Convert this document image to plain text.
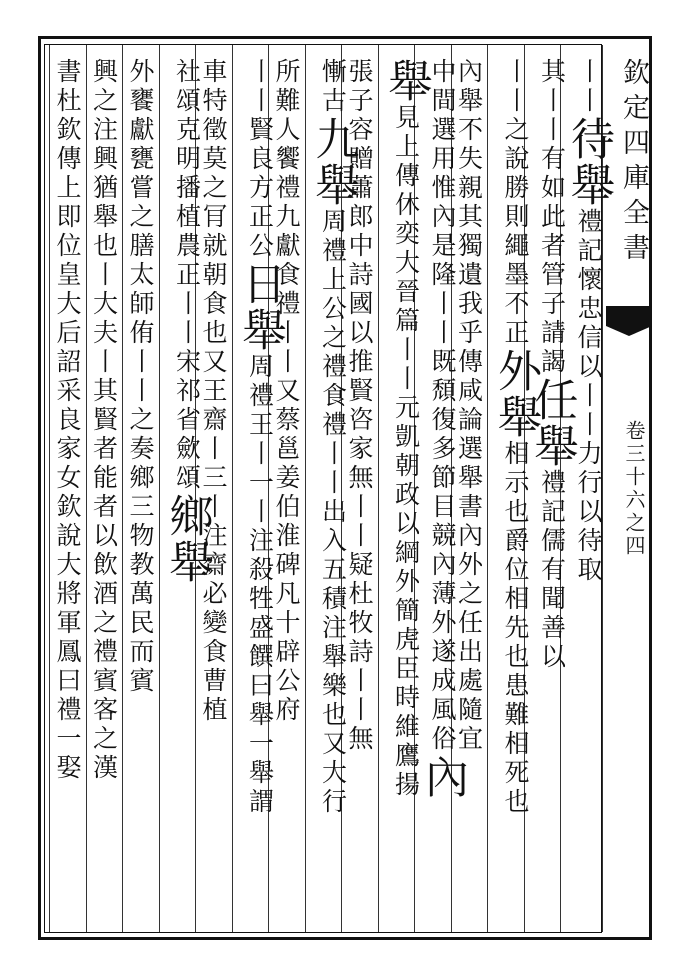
欽定四庫全書
卷三十六之四
丨丨待舉禮記懷忠信以丨丨力行以待取
其丨丨有如此者管子請謁任舉禮記儒有聞善以
丨丨之說勝則繩墨不正外舉相示也爵位相先也患難相死也
內舉不失親其獨遺我乎傳咸論選舉書內外之任出處隨宜
中間選用惟內是隆丨丨既頹復多節目競內薄外遂成風俗內
舉見上傳休奕大晉篇丨丨元凱朝政以綱外簡虎臣時維鷹揚
張子容贈蕭郎中詩國以推賢咨家無丨丨疑杜牧詩丨丨無
慚古九舉周禮上公之禮食禮丨丨出入五積注舉樂也又大行
所難人饗禮九獻食禮丨丨又蔡邕姜伯淮碑凡十辟公府
丨丨賢良方正公日舉周禮王丨一丨注殺牲盛饌曰舉一舉謂
車特徵莫之肎就朝食也又王齋丨三丨注齋必變食曹植
社頌克明播植農正丨丨宋祁省歛頌鄉舉
外饔獻甕嘗之膳太師侑丨丨之奏鄉三物教萬民而賓
興之注興猶舉也丨大夫丨其賢者能者以飲酒之禮賓客之漢
書杜欽傳上即位皇大后詔采良家女欽說大將軍鳳曰禮一娶
